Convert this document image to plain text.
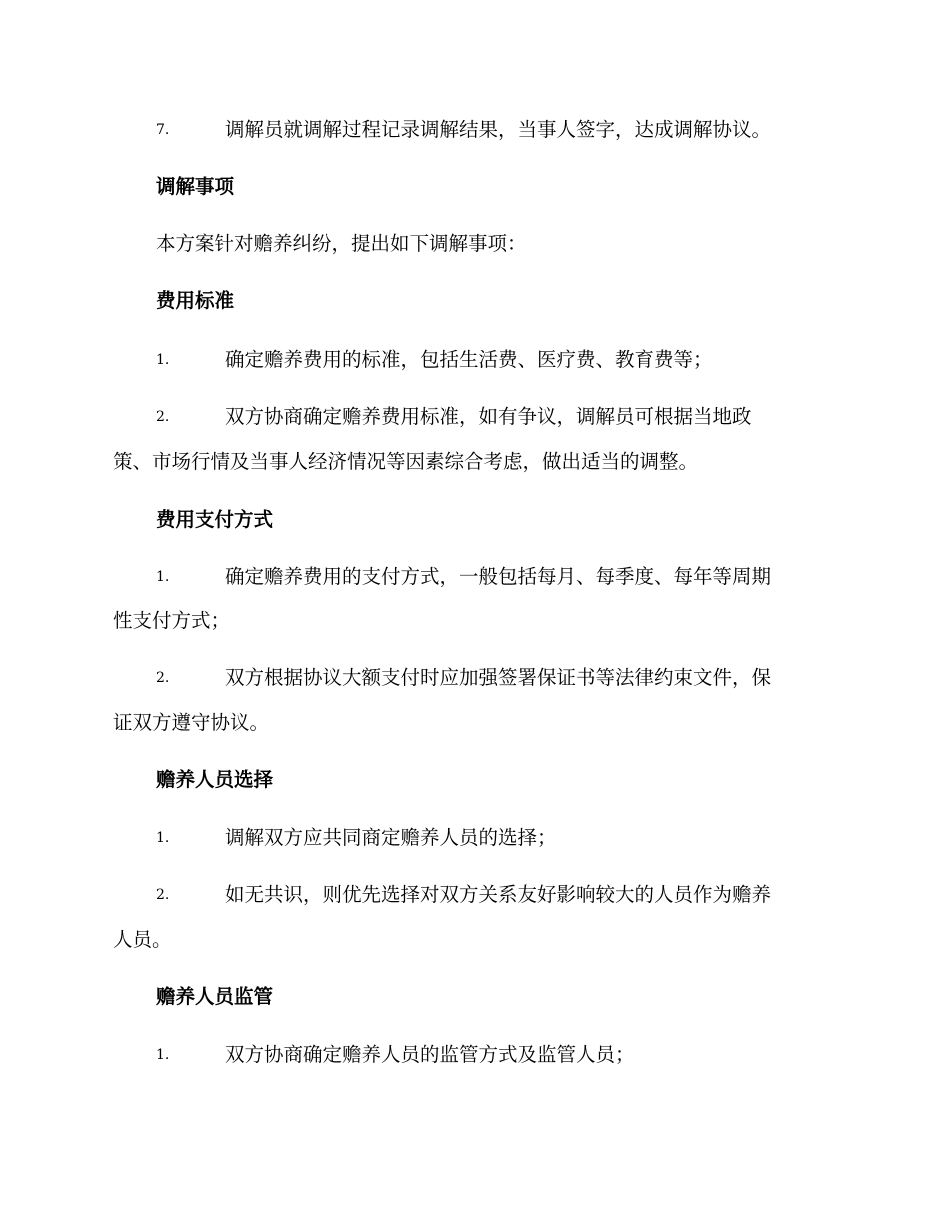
7.	调解员就调解过程记录调解结果，当事人签字，达成调解协议。
调解事项
本方案针对赡养纠纷，提出如下调解事项：
费用标准
1.	确定赡养费用的标准，包括生活费、医疗费、教育费等；
2.	双方协商确定赡养费用标准，如有争议，调解员可根据当地政
策、市场行情及当事人经济情况等因素综合考虑，做出适当的调整。
费用支付方式
1.	确定赡养费用的支付方式，一般包括每月、每季度、每年等周期
性支付方式；
2.	双方根据协议大额支付时应加强签署保证书等法律约束文件，保
证双方遵守协议。
赡养人员选择
1.	调解双方应共同商定赡养人员的选择；
2.	如无共识，则优先选择对双方关系友好影响较大的人员作为赡养
人员。
赡养人员监管
1.	双方协商确定赡养人员的监管方式及监管人员；
